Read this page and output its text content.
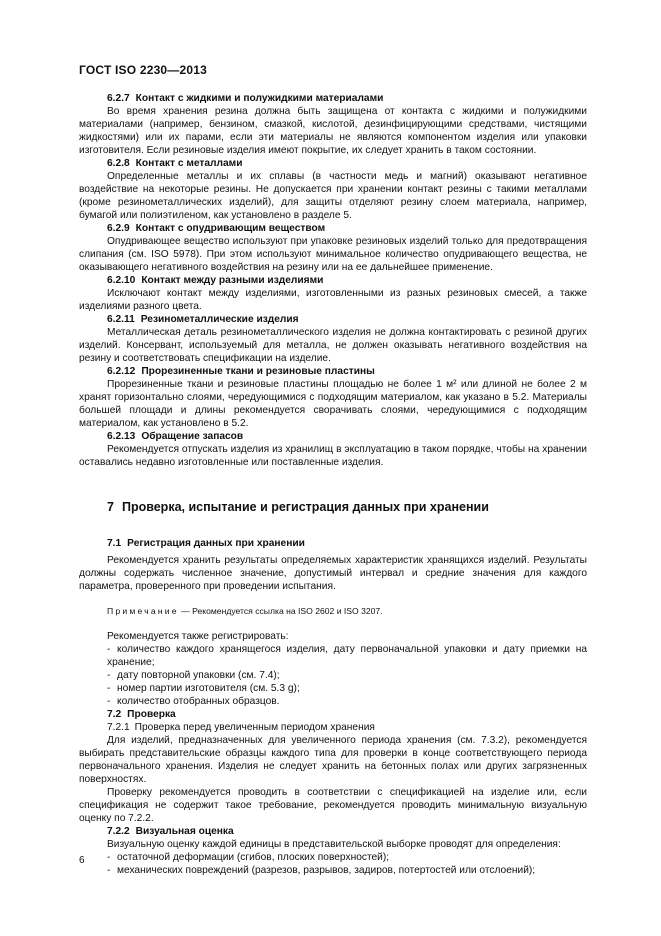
ГОСТ ISO 2230—2013

6.2.7 Контакт с жидкими и полужидкими материалами

Во время хранения резина должна быть защищена от контакта с жидкими и полужидкими материалами (например, бензином, смазкой, кислотой, дезинфицирующими средствами, чистящими жидкостями) или их парами, если эти материалы не являются компонентом изделия или упаковки изготовителя. Если резиновые изделия имеют покрытие, их следует хранить в таком состоянии.

6.2.8 Контакт с металлами

Определенные металлы и их сплавы (в частности медь и магний) оказывают негативное воздействие на некоторые резины. Не допускается при хранении контакт резины с такими металлами (кроме резинометаллических изделий), для защиты отделяют резину слоем материала, например, бумагой или полиэтиленом, как установлено в разделе 5.

6.2.9 Контакт с опудривающим веществом

Опудривающее вещество используют при упаковке резиновых изделий только для предотвращения слипания (см. ISO 5978). При этом используют минимальное количество опудривающего вещества, не оказывающего негативного воздействия на резину или на ее дальнейшее применение.

6.2.10 Контакт между разными изделиями

Исключают контакт между изделиями, изготовленными из разных резиновых смесей, а также изделиями разного цвета.

6.2.11 Резинометаллические изделия

Металлическая деталь резинометаллического изделия не должна контактировать с резиной других изделий. Консервант, используемый для металла, не должен оказывать негативного воздействия на резину и соответствовать спецификации на изделие.

6.2.12 Прорезиненные ткани и резиновые пластины

Прорезиненные ткани и резиновые пластины площадью не более 1 м² или длиной не более 2 м хранят горизонтально слоями, чередующимися с подходящим материалом, как указано в 5.2. Материалы большей площади и длины рекомендуется сворачивать слоями, чередующимися с подходящим материалом, как установлено в 5.2.

6.2.13 Обращение запасов

Рекомендуется отпускать изделия из хранилищ в эксплуатацию в таком порядке, чтобы на хранении оставались недавно изготовленные или поставленные изделия.

7 Проверка, испытание и регистрация данных при хранении

7.1 Регистрация данных при хранении

Рекомендуется хранить результаты определяемых характеристик хранящихся изделий. Результаты должны содержать численное значение, допустимый интервал и средние значения для каждого параметра, проверенного при проведении испытания.

Примечание — Рекомендуется ссылка на ISO 2602 и ISO 3207.

Рекомендуется также регистрировать:

- количество каждого хранящегося изделия, дату первоначальной упаковки и дату приемки на хранение;

- дату повторной упаковки (см. 7.4);

- номер партии изготовителя (см. 5.3 g);

- количество отобранных образцов.

7.2 Проверка

7.2.1 Проверка перед увеличенным периодом хранения

Для изделий, предназначенных для увеличенного периода хранения (см. 7.3.2), рекомендуется выбирать представительские образцы каждого типа для проверки в конце соответствующего периода первоначального хранения. Изделия не следует хранить на бетонных полах или других загрязненных поверхностях.

Проверку рекомендуется проводить в соответствии с спецификацией на изделие или, если спецификация не содержит такое требование, рекомендуется проводить минимальную визуальную оценку по 7.2.2.

7.2.2 Визуальная оценка

Визуальную оценку каждой единицы в представительской выборке проводят для определения:

- остаточной деформации (сгибов, плоских поверхностей);

- механических повреждений (разрезов, разрывов, задиров, потертостей или отслоений);

6
